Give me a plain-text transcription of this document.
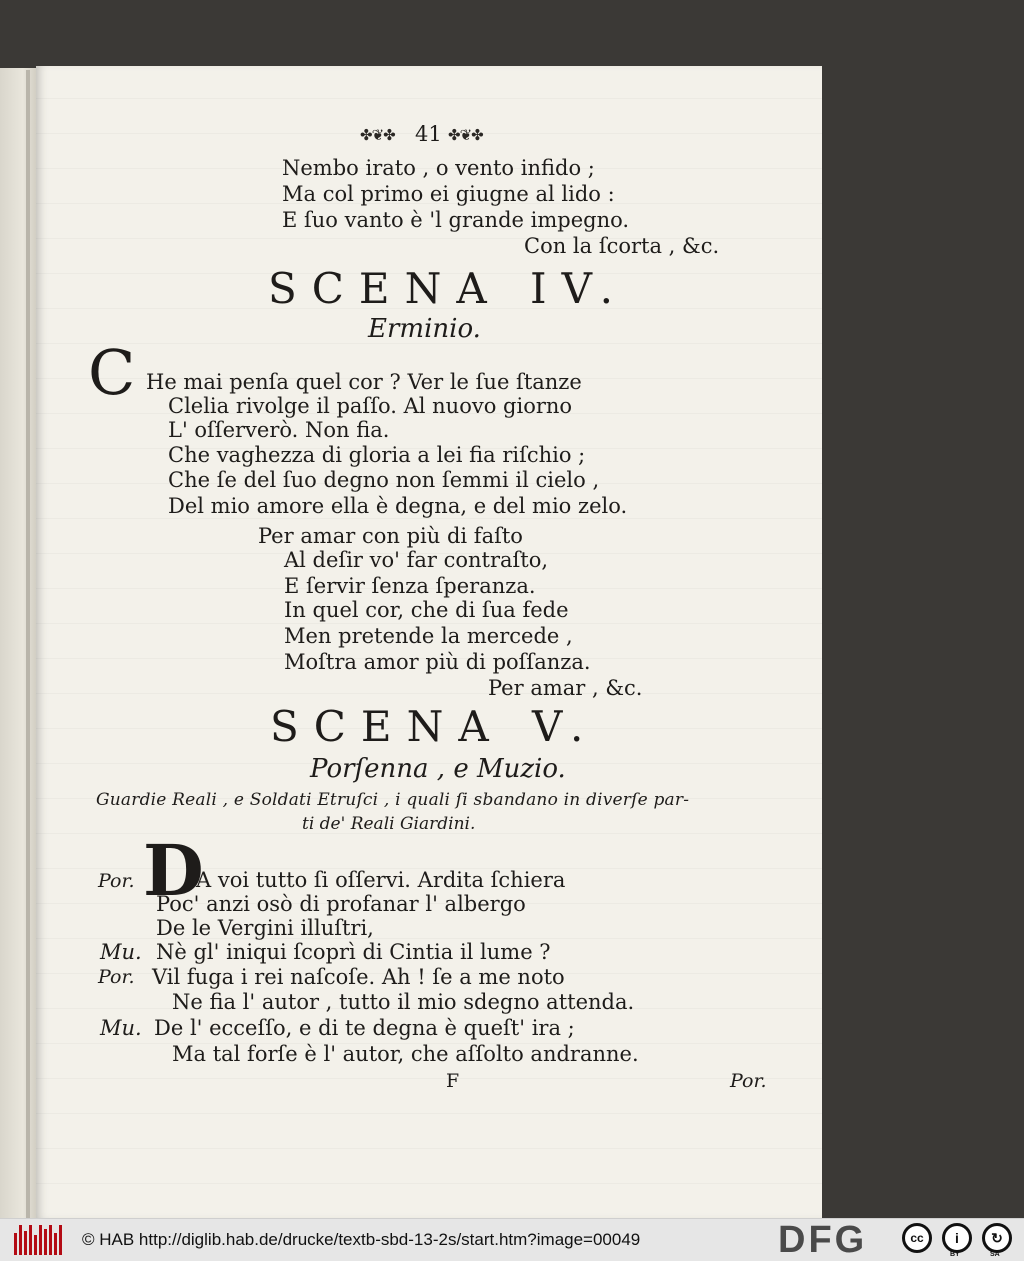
✤❦✤ 41 ✤❦✤
Nembo irato , o vento infido ;
Ma col primo ei giugne al lido :
E ſuo vanto è 'l grande impegno.
Con la ſcorta , &c.
SCENA IV.
Erminio.
C He mai penſa quel cor ? Ver le ſue ſtanze
Clelia rivolge il paſſo. Al nuovo giorno
L' oſſerverò. Non fia.
Che vaghezza di gloria a lei fia riſchio ;
Che ſe del ſuo degno non ſemmi il cielo ,
Del mio amore ella è degna, e del mio zelo.
Per amar con più di faſto
Al deſir vo' far contraſto,
E ſervir ſenza ſperanza.
In quel cor, che di ſua fede
Men pretende la mercede ,
Moſtra amor più di poſſanza.
Per amar , &c.
SCENA V.
Porſenna , e Muzio.
Guardie Reali , e Soldati Etruſci , i quali ſi sbandano in diverſe par-
ti de' Reali Giardini.
D
Por.	A voi tutto ſi oſſervi. Ardita ſchiera
Poc' anzi osò di profanar l' albergo
De le Vergini illuſtri,
Mu. Nè gl' iniqui ſcoprì di Cintia il lume ?
Por. Vil fuga i rei naſcoſe. Ah ! ſe a me noto
Ne fia l' autor , tutto il mio sdegno attenda.
Mu. De l' ecceſſo, e di te degna è queſt' ira ;
Ma tal forſe è l' autor, che aſſolto andranne.
F	Por.
© HAB http://diglib.hab.de/drucke/textb-sbd-13-2s/start.htm?image=00049	DFG	cc	i	↻
BY	SA
